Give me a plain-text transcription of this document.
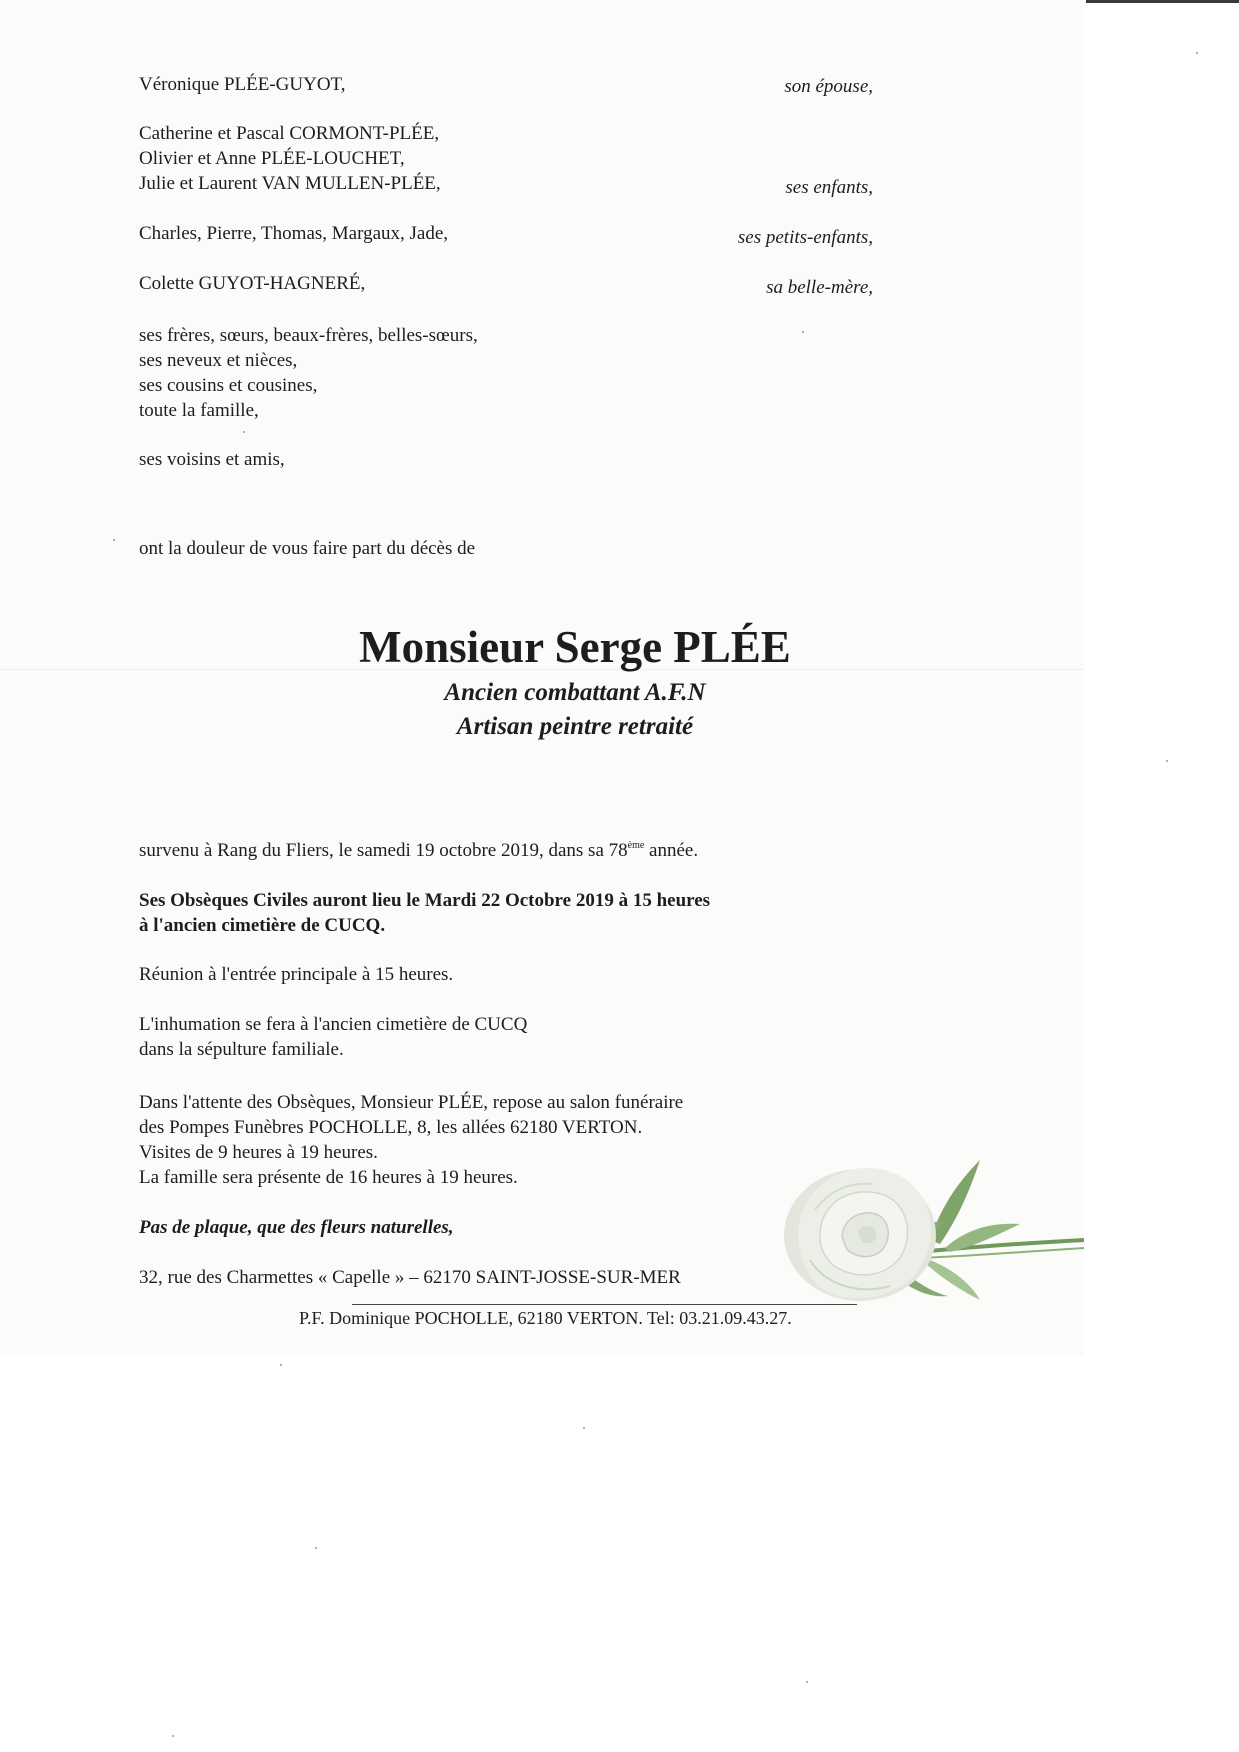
Véronique PLÉE-GUYOT,	son épouse,
Catherine et Pascal CORMONT-PLÉE,
Olivier et Anne PLÉE-LOUCHET,
Julie et Laurent VAN MULLEN-PLÉE,	ses enfants,
Charles, Pierre, Thomas, Margaux, Jade,	ses petits-enfants,
Colette GUYOT-HAGNERÉ,	sa belle-mère,
ses frères, sœurs, beaux-frères, belles-sœurs,
ses neveux et nièces,
ses cousins et cousines,
toute la famille,
ses voisins et amis,
ont la douleur de vous faire part du décès de
Monsieur Serge PLÉE
Ancien combattant A.F.N
Artisan peintre retraité
survenu à Rang du Fliers, le samedi 19 octobre 2019, dans sa 78ème année.
Ses Obsèques Civiles auront lieu le Mardi 22 Octobre 2019 à 15 heures
à l'ancien cimetière de CUCQ.
Réunion à l'entrée principale à 15 heures.
L'inhumation se fera à l'ancien cimetière de CUCQ
dans la sépulture familiale.
Dans l'attente des Obsèques, Monsieur PLÉE, repose au salon funéraire
des Pompes Funèbres POCHOLLE, 8, les allées 62180 VERTON.
Visites de 9 heures à 19 heures.
La famille sera présente de 16 heures à 19 heures.
Pas de plaque, que des fleurs naturelles,
32, rue des Charmettes « Capelle » – 62170 SAINT-JOSSE-SUR-MER
P.F. Dominique POCHOLLE, 62180 VERTON. Tel: 03.21.09.43.27.
